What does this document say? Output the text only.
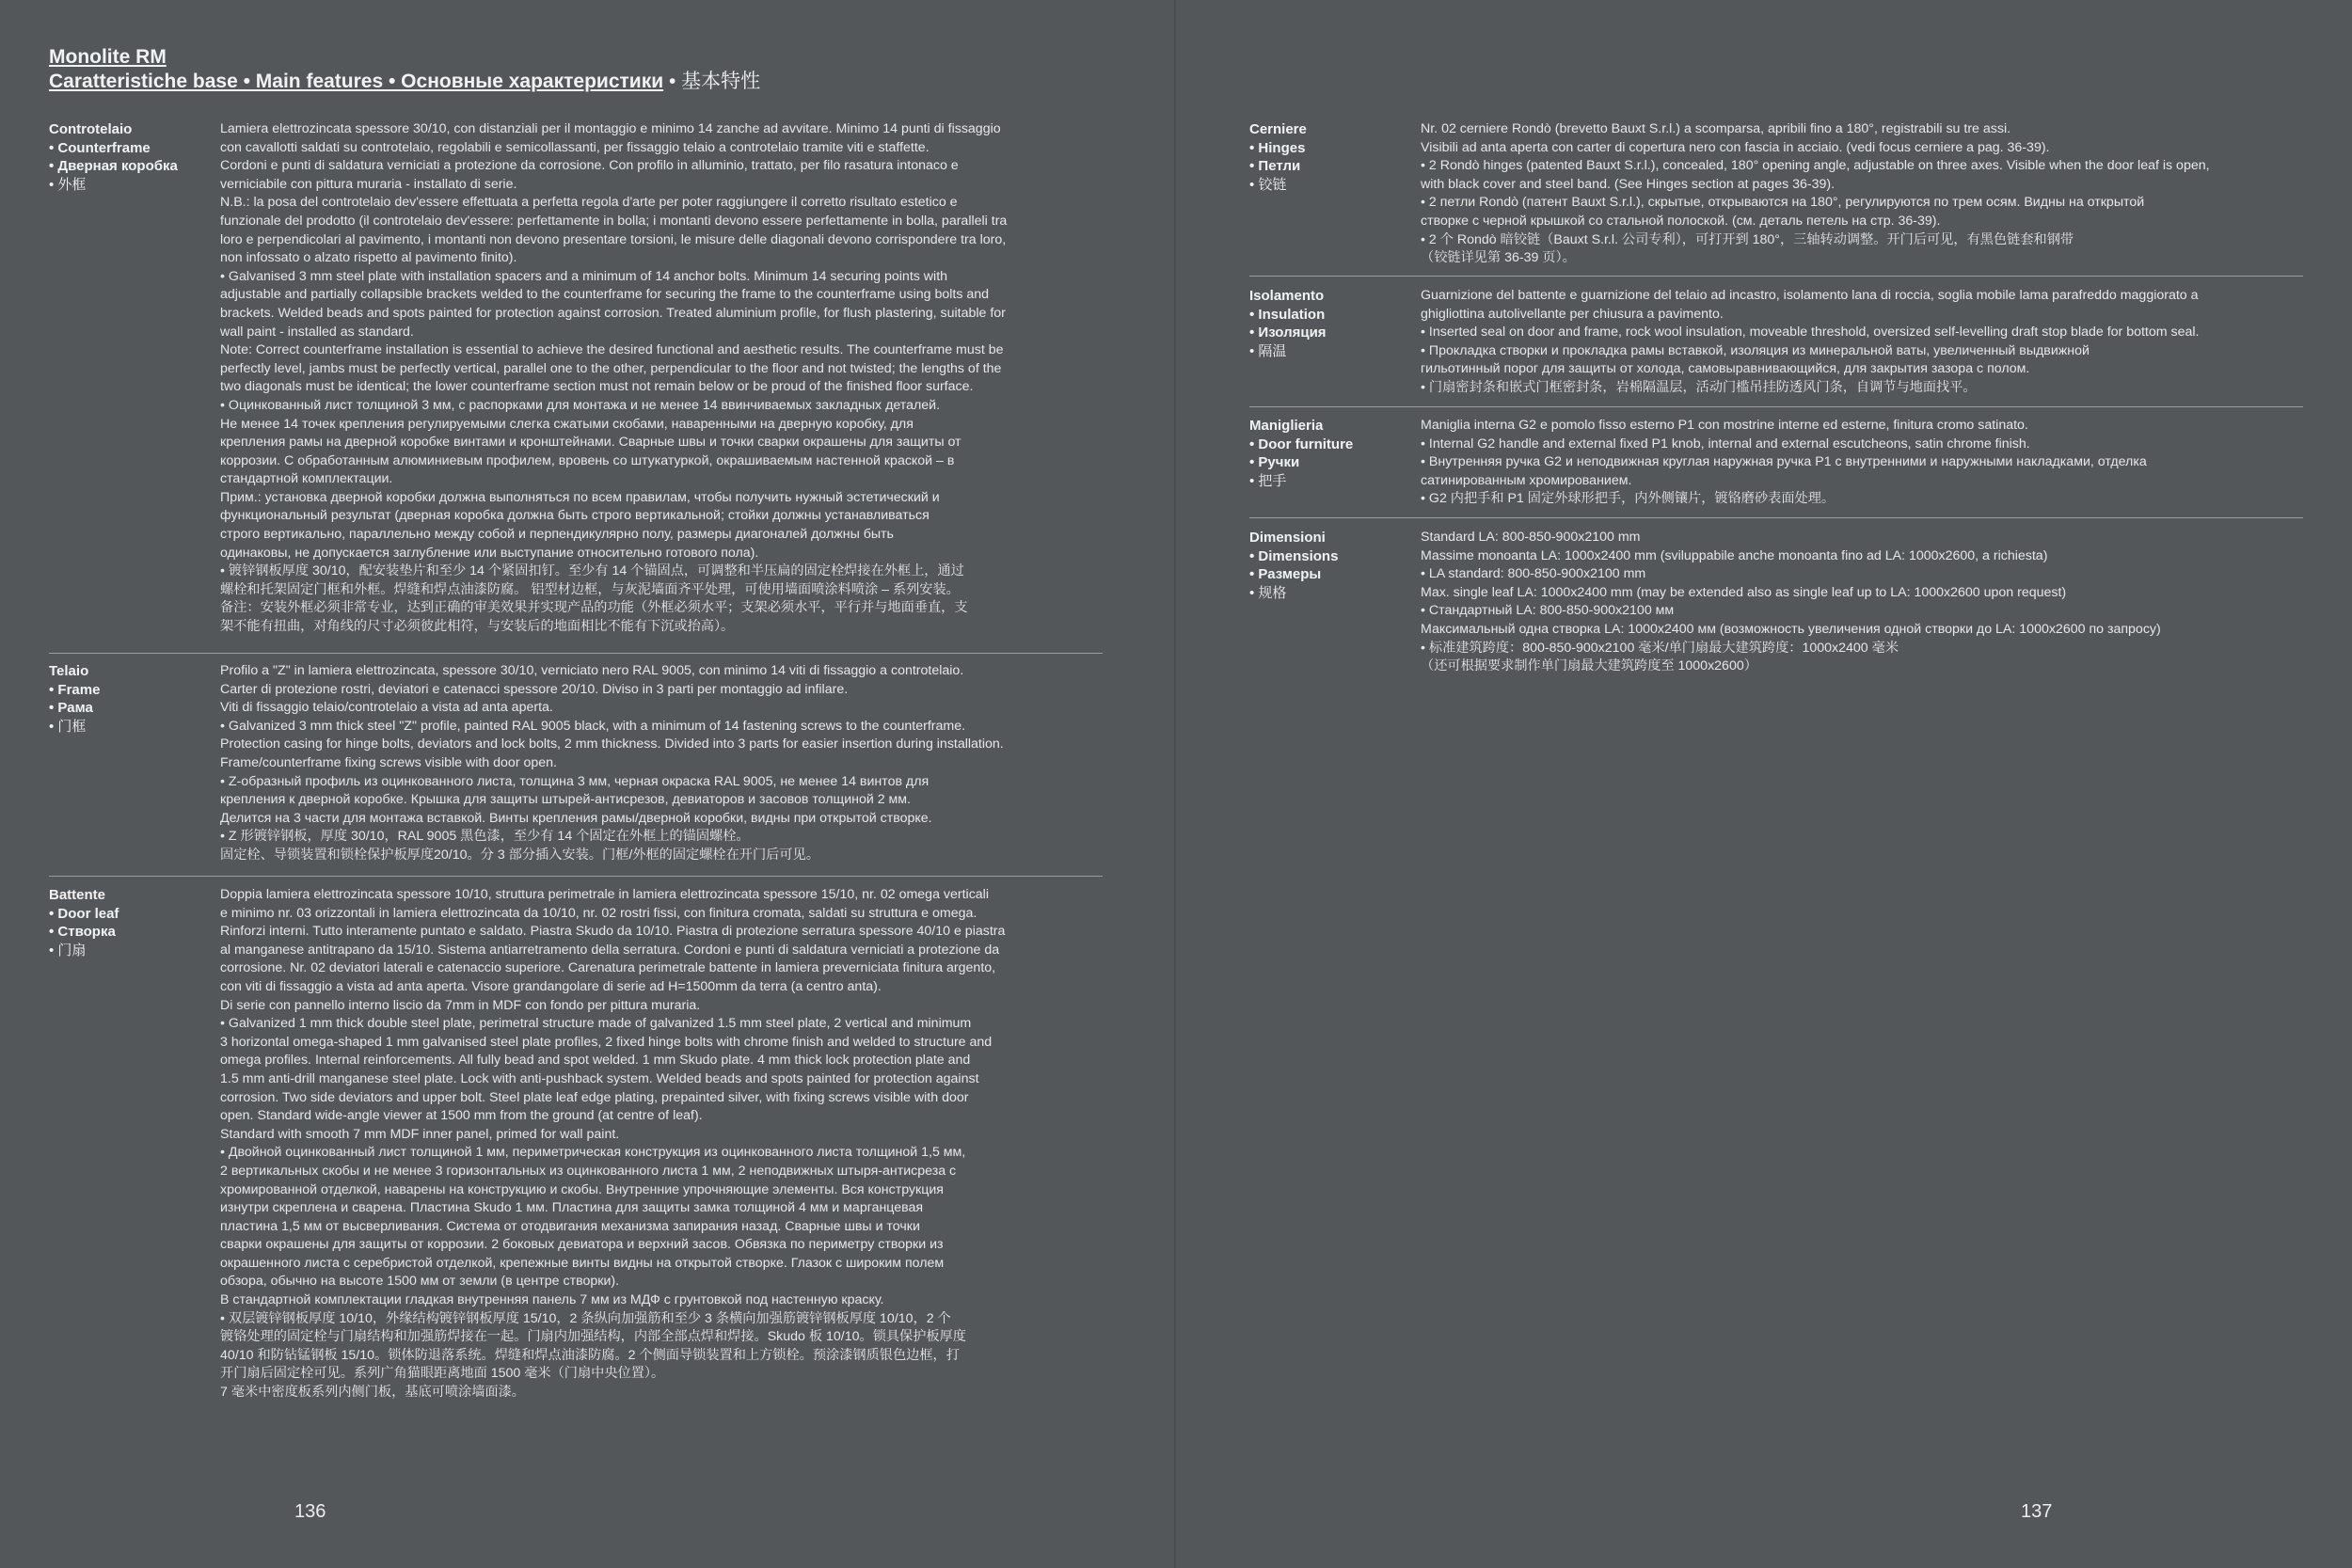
Monolite RM
Caratteristiche base • Main features • Основные характеристики • 基本特性
Controtelaio
• Counterframe
• Дверная коробка
• 外框

Lamiera elettrozincata spessore 30/10, con distanziali per il montaggio e minimo 14 zanche ad avvitare. Minimo 14 punti di fissaggio

con cavallotti saldati su controtelaio, regolabili e semicollassanti, per fissaggio telaio a controtelaio tramite viti e staffette.

Cordoni e punti di saldatura verniciati a protezione da corrosione. Con profilo in alluminio, trattato, per filo rasatura intonaco e

verniciabile con pittura muraria - installato di serie.

N.B.: la posa del controtelaio dev'essere effettuata a perfetta regola d'arte per poter raggiungere il corretto risultato estetico e

funzionale del prodotto (il controtelaio dev'essere: perfettamente in bolla; i montanti devono essere perfettamente in bolla, paralleli tra

loro e perpendicolari al pavimento, i montanti non devono presentare torsioni, le misure delle diagonali devono corrispondere tra loro,

non infossato o alzato rispetto al pavimento finito).

• Galvanised 3 mm steel plate with installation spacers and a minimum of 14 anchor bolts. Minimum 14 securing points with

adjustable and partially collapsible brackets welded to the counterframe for securing the frame to the counterframe using bolts and

brackets. Welded beads and spots painted for protection against corrosion. Treated aluminium profile, for flush plastering, suitable for

wall paint - installed as standard.

Note: Correct counterframe installation is essential to achieve the desired functional and aesthetic results. The counterframe must be

perfectly level, jambs must be perfectly vertical, parallel one to the other, perpendicular to the floor and not twisted; the lengths of the

two diagonals must be identical; the lower counterframe section must not remain below or be proud of the finished floor surface.

• Оцинкованный лист толщиной 3 мм, с распорками для монтажа и не менее 14 ввинчиваемых закладных деталей.

Не менее 14 точек крепления регулируемыми слегка сжатыми скобами, наваренными на дверную коробку, для

крепления рамы на дверной коробке винтами и кронштейнами. Сварные швы и точки сварки окрашены для защиты от

коррозии. С обработанным алюминиевым профилем, вровень со штукатуркой, окрашиваемым настенной краской – в

стандартной комплектации.

Прим.: установка дверной коробки должна выполняться по всем правилам, чтобы получить нужный эстетический и

функциональный результат (дверная коробка должна быть строго вертикальной; стойки должны устанавливаться

строго вертикально, параллельно между собой и перпендикулярно полу, размеры диагоналей должны быть

одинаковы, не допускается заглубление или выступание относительно готового пола).

• 镀锌钢板厚度 30/10，配安装垫片和至少 14 个紧固扣钉。至少有 14 个锚固点，可调整和半压扁的固定栓焊接在外框上，通过

螺栓和托架固定门框和外框。焊缝和焊点油漆防腐。 铝型材边框，与灰泥墙面齐平处理，可使用墙面喷涂料喷涂 – 系列安装。

备注：安装外框必须非常专业，达到正确的审美效果并实现产品的功能（外框必须水平；支架必须水平，平行并与地面垂直，支

架不能有扭曲，对角线的尺寸必须彼此相符，与安装后的地面相比不能有下沉或抬高）。

Telaio
• Frame
• Рама
• 门框

Profilo a "Z" in lamiera elettrozincata, spessore 30/10, verniciato nero RAL 9005, con minimo 14 viti di fissaggio a controtelaio.

Carter di protezione rostri, deviatori e catenacci spessore 20/10. Diviso in 3 parti per montaggio ad infilare.

Viti di fissaggio telaio/controtelaio a vista ad anta aperta.

• Galvanized 3 mm thick steel "Z" profile, painted RAL 9005 black, with a minimum of 14 fastening screws to the counterframe.

Protection casing for hinge bolts, deviators and lock bolts, 2 mm thickness. Divided into 3 parts for easier insertion during installation.

Frame/counterframe fixing screws visible with door open.

• Z-образный профиль из оцинкованного листа, толщина 3 мм, черная окраска RAL 9005, не менее 14 винтов для

крепления к дверной коробке. Крышка для защиты штырей-антисрезов, девиаторов и засовов толщиной 2 мм.

Делится на 3 части для монтажа вставкой. Винты крепления рамы/дверной коробки, видны при открытой створке.

• Z 形镀锌钢板，厚度 30/10，RAL 9005 黑色漆，至少有 14 个固定在外框上的锚固螺栓。

固定栓、导锁装置和锁栓保护板厚度20/10。分 3 部分插入安装。门框/外框的固定螺栓在开门后可见。

Battente
• Door leaf
• Створка
• 门扇

Doppia lamiera elettrozincata spessore 10/10, struttura perimetrale in lamiera elettrozincata spessore 15/10, nr. 02 omega verticali

e minimo nr. 03 orizzontali in lamiera elettrozincata da 10/10, nr. 02 rostri fissi, con finitura cromata, saldati su struttura e omega.

Rinforzi interni. Tutto interamente puntato e saldato. Piastra Skudo da 10/10. Piastra di protezione serratura spessore 40/10 e piastra

al manganese antitrapano da 15/10. Sistema antiarretramento della serratura. Cordoni e punti di saldatura verniciati a protezione da

corrosione. Nr. 02 deviatori laterali e catenaccio superiore. Carenatura perimetrale battente in lamiera preverniciata finitura argento,

con viti di fissaggio a vista ad anta aperta. Visore grandangolare di serie ad H=1500mm da terra (a centro anta).

Di serie con pannello interno liscio da 7mm in MDF con fondo per pittura muraria.

• Galvanized 1 mm thick double steel plate, perimetral structure made of galvanized 1.5 mm steel plate, 2 vertical and minimum

3 horizontal omega-shaped 1 mm galvanised steel plate profiles, 2 fixed hinge bolts with chrome finish and welded to structure and

omega profiles. Internal reinforcements. All fully bead and spot welded. 1 mm Skudo plate. 4 mm thick lock protection plate and

1.5 mm anti-drill manganese steel plate. Lock with anti-pushback system. Welded beads and spots painted for protection against

corrosion. Two side deviators and upper bolt. Steel plate leaf edge plating, prepainted silver, with fixing screws visible with door

open. Standard wide-angle viewer at 1500 mm from the ground (at centre of leaf).

Standard with smooth 7 mm MDF inner panel, primed for wall paint.

• Двойной оцинкованный лист толщиной 1 мм, периметрическая конструкция из оцинкованного листа толщиной 1,5 мм,

2 вертикальных скобы и не менее 3 горизонтальных из оцинкованного листа 1 мм, 2 неподвижных штыря-антисреза с

хромированной отделкой, наварены на конструкцию и скобы. Внутренние упрочняющие элементы. Вся конструкция

изнутри скреплена и сварена. Пластина Skudo 1 мм. Пластина для защиты замка толщиной 4 мм и марганцевая

пластина 1,5 мм от высверливания. Система от отодвигания механизма запирания назад. Сварные швы и точки

сварки окрашены для защиты от коррозии. 2 боковых девиатора и верхний засов. Обвязка по периметру створки из

окрашенного листа с серебристой отделкой, крепежные винты видны на открытой створке. Глазок с широким полем

обзора, обычно на высоте 1500 мм от земли (в центре створки).

В стандартной комплектации гладкая внутренняя панель 7 мм из МДФ с грунтовкой под настенную краску.

• 双层镀锌钢板厚度 10/10，外缘结构镀锌钢板厚度 15/10，2 条纵向加强筋和至少 3 条横向加强筋镀锌钢板厚度 10/10，2 个

镀铬处理的固定栓与门扇结构和加强筋焊接在一起。门扇内加强结构，内部全部点焊和焊接。Skudo 板 10/10。锁具保护板厚度

40/10 和防钻锰钢板 15/10。锁体防退落系统。焊缝和焊点油漆防腐。2 个侧面导锁装置和上方锁栓。预涂漆钢质银色边框，打

开门扇后固定栓可见。系列广角猫眼距离地面 1500 毫米（门扇中央位置）。

7 毫米中密度板系列内侧门板，基底可喷涂墙面漆。

136
Cerniere
• Hinges
• Петли
• 铰链

Nr. 02 cerniere Rondò (brevetto Bauxt S.r.l.) a scomparsa, apribili fino a 180°, registrabili su tre assi.

Visibili ad anta aperta con carter di copertura nero con fascia in acciaio. (vedi focus cerniere a pag. 36-39).

• 2 Rondò hinges (patented Bauxt S.r.l.), concealed, 180° opening angle, adjustable on three axes. Visible when the door leaf is open,

with black cover and steel band. (See Hinges section at pages 36-39).

• 2 петли Rondò (патент Bauxt S.r.l.), скрытые, открываются на 180°, регулируются по трем осям. Видны на открытой

створке с черной крышкой со стальной полоской. (см. деталь петель на стр. 36-39).

• 2 个 Rondò 暗铰链（Bauxt S.r.l. 公司专利），可打开到 180°，三轴转动调整。开门后可见，有黑色链套和钢带

（铰链详见第 36-39 页）。

Isolamento
• Insulation
• Изоляция
• 隔温

Guarnizione del battente e guarnizione del telaio ad incastro, isolamento lana di roccia, soglia mobile lama parafreddo maggiorato a

ghigliottina autolivellante per chiusura a pavimento.

• Inserted seal on door and frame, rock wool insulation, moveable threshold, oversized self-levelling draft stop blade for bottom seal.

• Прокладка створки и прокладка рамы вставкой, изоляция из минеральной ваты, увеличенный выдвижной

гильотинный порог для защиты от холода, самовыравнивающийся, для закрытия зазора с полом.

• 门扇密封条和嵌式门框密封条，岩棉隔温层，活动门槛吊挂防透风门条，自调节与地面找平。

Maniglieria
• Door furniture
• Ручки
• 把手

Maniglia interna G2 e pomolo fisso esterno P1 con mostrine interne ed esterne, finitura cromo satinato.

• Internal G2 handle and external fixed P1 knob, internal and external escutcheons, satin chrome finish.

• Внутренняя ручка G2 и неподвижная круглая наружная ручка P1 с внутренними и наружными накладками, отделка

сатинированным хромированием.

• G2 内把手和 P1 固定外球形把手，内外侧镶片，镀铬磨砂表面处理。

Dimensioni
• Dimensions
• Размеры
• 规格

Standard LA: 800-850-900x2100 mm

Massime monoanta LA: 1000x2400 mm (sviluppabile anche monoanta fino ad LA: 1000x2600, a richiesta)

• LA standard: 800-850-900x2100 mm

Max. single leaf LA: 1000x2400 mm (may be extended also as single leaf up to LA: 1000x2600 upon request)

• Стандартный LA: 800-850-900x2100 мм

Максимальный одна створка LA: 1000x2400 мм (возможность увеличения одной створки до LA: 1000x2600 по запросу)

• 标准建筑跨度：800-850-900x2100 毫米/单门扇最大建筑跨度：1000x2400 毫米

（还可根据要求制作单门扇最大建筑跨度至 1000x2600）

137
